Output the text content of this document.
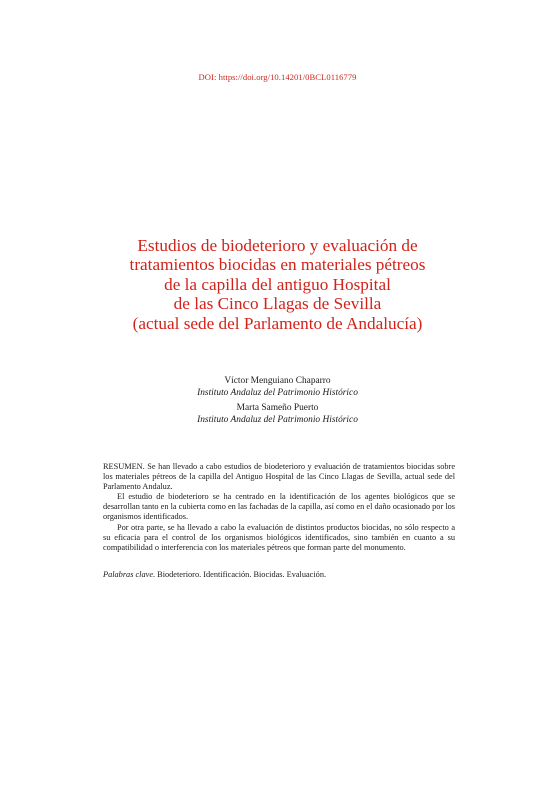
DOI: https://doi.org/10.14201/0BCL0116779
Estudios de biodeterioro y evaluación de
tratamientos biocidas en materiales pétreos
de la capilla del antiguo Hospital
de las Cinco Llagas de Sevilla
(actual sede del Parlamento de Andalucía)
Víctor Menguiano Chaparro
Instituto Andaluz del Patrimonio Histórico
Marta Sameño Puerto
Instituto Andaluz del Patrimonio Histórico

RESUMEN. Se han llevado a cabo estudios de biodeterioro y evaluación de tratamientos biocidas sobre los materiales pétreos de la capilla del Antiguo Hospital de las Cinco Llagas de Sevilla, actual sede del Parlamento Andaluz.

El estudio de biodeterioro se ha centrado en la identificación de los agentes biológicos que se desarrollan tanto en la cubierta como en las fachadas de la capilla, así como en el daño ocasionado por los organismos identificados.

Por otra parte, se ha llevado a cabo la evaluación de distintos productos biocidas, no sólo respecto a su eficacia para el control de los organismos biológicos identificados, sino también en cuanto a su compatibilidad o interferencia con los materiales pétreos que forman parte del monumento.

Palabras clave. Biodeterioro. Identificación. Biocidas. Evaluación.
